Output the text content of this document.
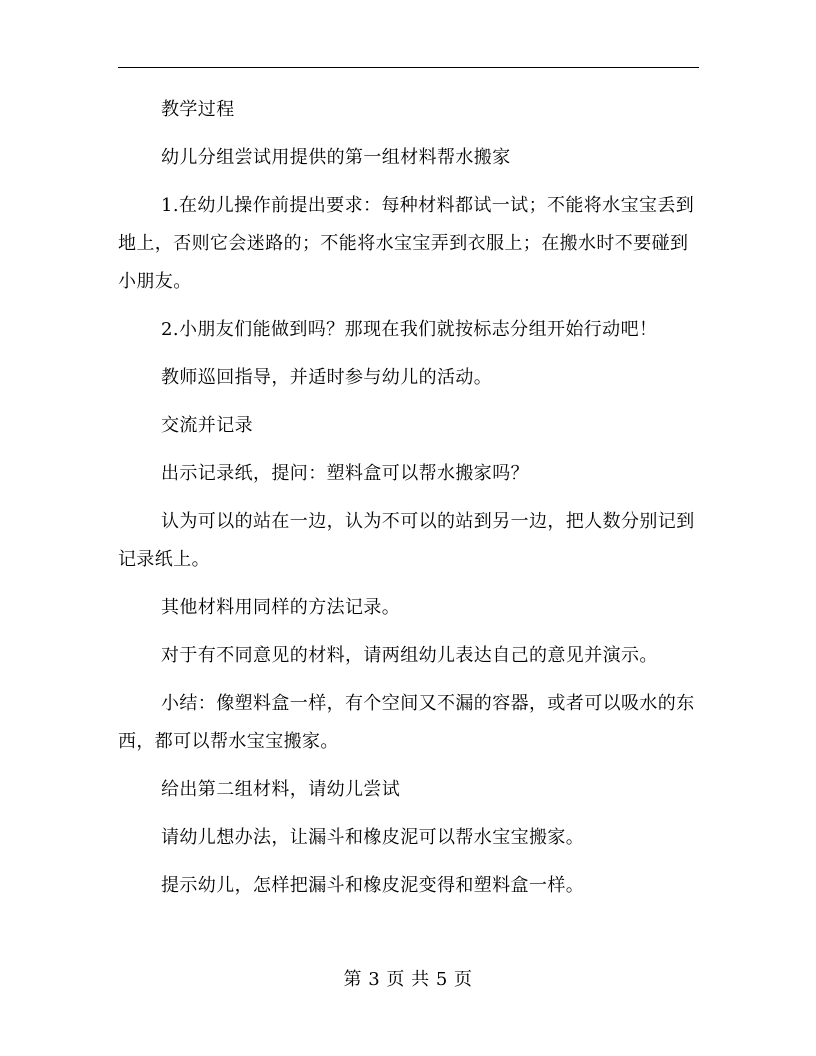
教学过程

幼儿分组尝试用提供的第一组材料帮水搬家

1.在幼儿操作前提出要求：每种材料都试一试；不能将水宝宝丢到地上，否则它会迷路的；不能将水宝宝弄到衣服上；在搬水时不要碰到小朋友。

2.小朋友们能做到吗？那现在我们就按标志分组开始行动吧！

教师巡回指导，并适时参与幼儿的活动。

交流并记录

出示记录纸，提问：塑料盒可以帮水搬家吗？

认为可以的站在一边，认为不可以的站到另一边，把人数分别记到记录纸上。

其他材料用同样的方法记录。

对于有不同意见的材料，请两组幼儿表达自己的意见并演示。

小结：像塑料盒一样，有个空间又不漏的容器，或者可以吸水的东西，都可以帮水宝宝搬家。

给出第二组材料，请幼儿尝试

请幼儿想办法，让漏斗和橡皮泥可以帮水宝宝搬家。

提示幼儿，怎样把漏斗和橡皮泥变得和塑料盒一样。

第 3 页 共 5 页
